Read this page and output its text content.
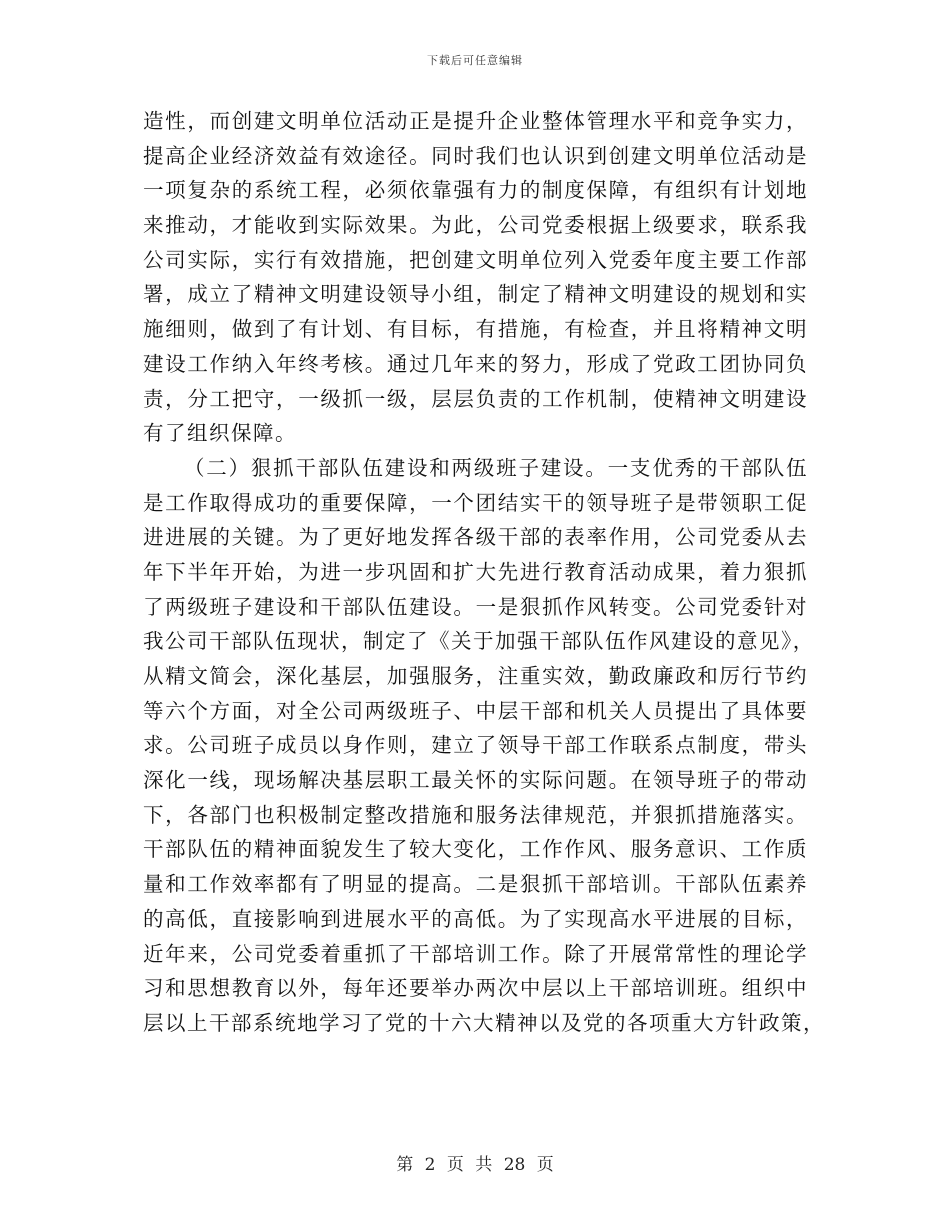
下载后可任意编辑
造性，而创建文明单位活动正是提升企业整体管理水平和竞争实力，
提高企业经济效益有效途径。同时我们也认识到创建文明单位活动是
一项复杂的系统工程，必须依靠强有力的制度保障，有组织有计划地
来推动，才能收到实际效果。为此，公司党委根据上级要求，联系我
公司实际，实行有效措施，把创建文明单位列入党委年度主要工作部
署，成立了精神文明建设领导小组，制定了精神文明建设的规划和实
施细则，做到了有计划、有目标，有措施，有检查，并且将精神文明
建设工作纳入年终考核。通过几年来的努力，形成了党政工团协同负
责，分工把守，一级抓一级，层层负责的工作机制，使精神文明建设
有了组织保障。
（二）狠抓干部队伍建设和两级班子建设。一支优秀的干部队伍
是工作取得成功的重要保障，一个团结实干的领导班子是带领职工促
进进展的关键。为了更好地发挥各级干部的表率作用，公司党委从去
年下半年开始，为进一步巩固和扩大先进行教育活动成果，着力狠抓
了两级班子建设和干部队伍建设。一是狠抓作风转变。公司党委针对
我公司干部队伍现状，制定了《关于加强干部队伍作风建设的意见》，
从精文简会，深化基层，加强服务，注重实效，勤政廉政和厉行节约
等六个方面，对全公司两级班子、中层干部和机关人员提出了具体要
求。公司班子成员以身作则，建立了领导干部工作联系点制度，带头
深化一线，现场解决基层职工最关怀的实际问题。在领导班子的带动
下，各部门也积极制定整改措施和服务法律规范，并狠抓措施落实。
干部队伍的精神面貌发生了较大变化，工作作风、服务意识、工作质
量和工作效率都有了明显的提高。二是狠抓干部培训。干部队伍素养
的高低，直接影响到进展水平的高低。为了实现高水平进展的目标，
近年来，公司党委着重抓了干部培训工作。除了开展常常性的理论学
习和思想教育以外，每年还要举办两次中层以上干部培训班。组织中
层以上干部系统地学习了党的十六大精神以及党的各项重大方针政策，
第 2 页 共 28 页
